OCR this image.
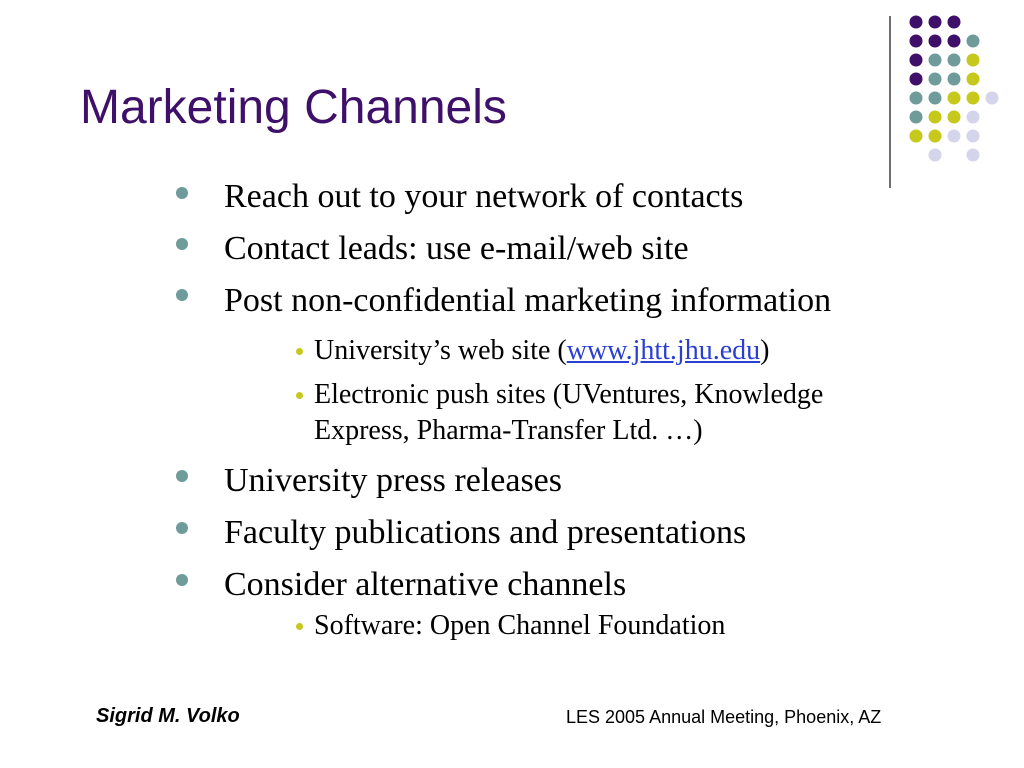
Marketing Channels
Reach out to your network of contacts
Contact leads: use e-mail/web site
Post non-confidential marketing information
University’s web site (www.jhtt.jhu.edu)
Electronic push sites (UVentures, Knowledge
Express, Pharma-Transfer Ltd. …)
University press releases
Faculty publications and presentations
Consider alternative channels
Software: Open Channel Foundation
Sigrid M. Volko	LES 2005 Annual Meeting, Phoenix, AZ
